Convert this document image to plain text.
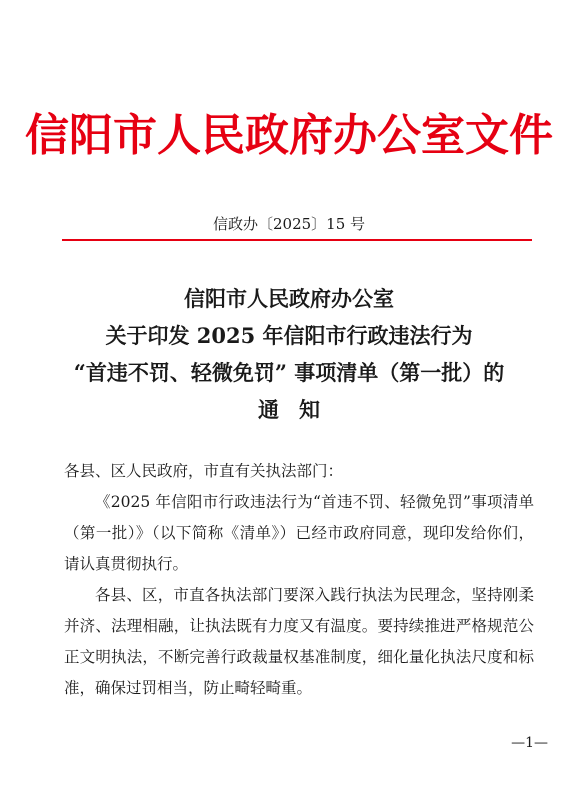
信阳市人民政府办公室文件
信政办〔2025〕15 号
信阳市人民政府办公室
关于印发 2025 年信阳市行政违法行为
“首违不罚、轻微免罚” 事项清单（第一批）的
通知

各县、区人民政府，市直有关执法部门：

《2025 年信阳市行政违法行为“首违不罚、轻微免罚”事项清单（第一批）》（以下简称《清单》）已经市政府同意，现印发给你们，请认真贯彻执行。

各县、区，市直各执法部门要深入践行执法为民理念，坚持刚柔并济、法理相融，让执法既有力度又有温度。要持续推进严格规范公正文明执法，不断完善行政裁量权基准制度，细化量化执法尺度和标准，确保过罚相当，防止畸轻畸重。

—1—
